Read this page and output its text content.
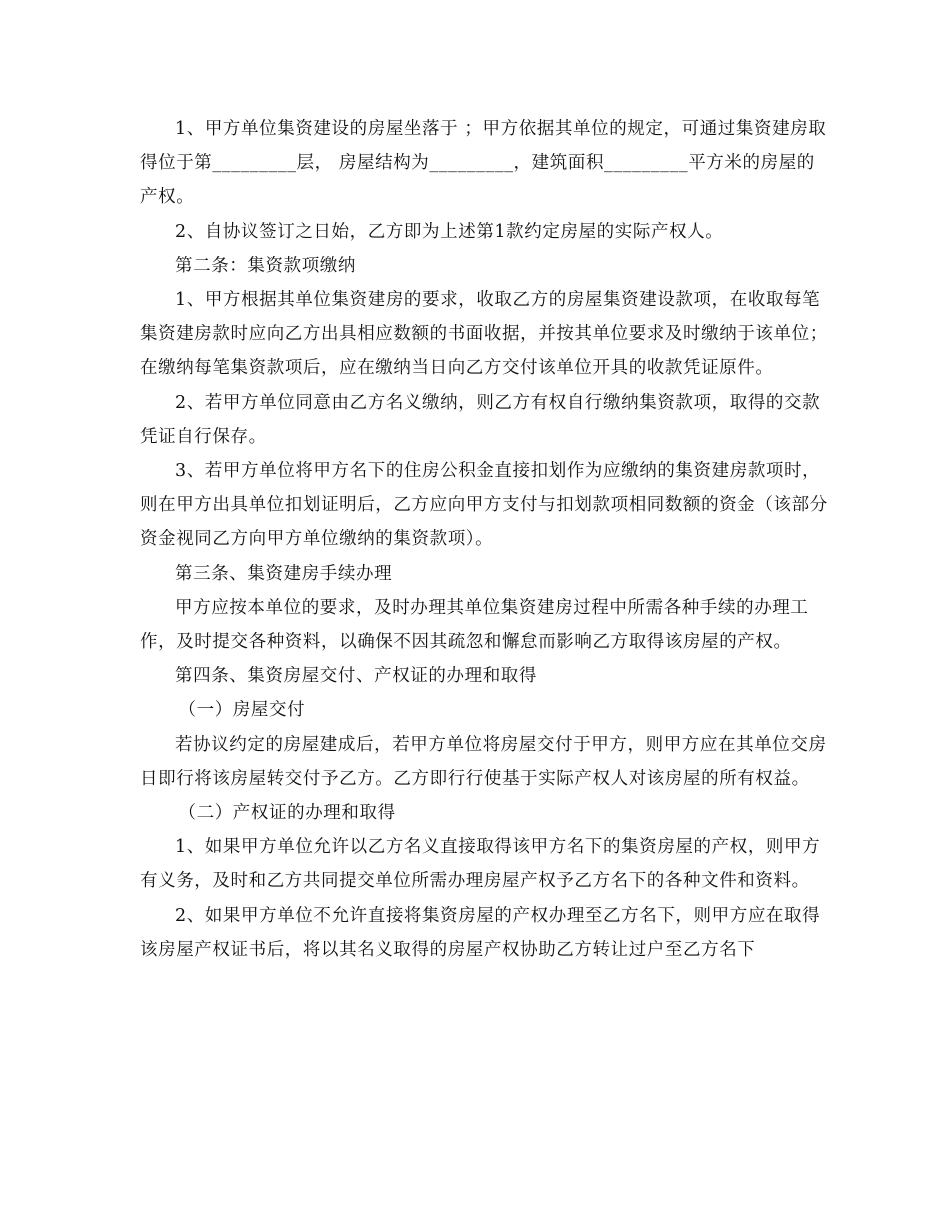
1、甲方单位集资建设的房屋坐落于 ；甲方依据其单位的规定，可通过集资建房取得位于第_________层， 房屋结构为_________，建筑面积_________平方米的房屋的产权。

2、自协议签订之日始，乙方即为上述第1款约定房屋的实际产权人。

第二条：集资款项缴纳

1、甲方根据其单位集资建房的要求，收取乙方的房屋集资建设款项，在收取每笔集资建房款时应向乙方出具相应数额的书面收据，并按其单位要求及时缴纳于该单位；在缴纳每笔集资款项后，应在缴纳当日向乙方交付该单位开具的收款凭证原件。

2、若甲方单位同意由乙方名义缴纳，则乙方有权自行缴纳集资款项，取得的交款凭证自行保存。

3、若甲方单位将甲方名下的住房公积金直接扣划作为应缴纳的集资建房款项时，则在甲方出具单位扣划证明后，乙方应向甲方支付与扣划款项相同数额的资金（该部分资金视同乙方向甲方单位缴纳的集资款项）。

第三条、集资建房手续办理

甲方应按本单位的要求，及时办理其单位集资建房过程中所需各种手续的办理工作，及时提交各种资料，以确保不因其疏忽和懈怠而影响乙方取得该房屋的产权。

第四条、集资房屋交付、产权证的办理和取得

（一）房屋交付

若协议约定的房屋建成后，若甲方单位将房屋交付于甲方，则甲方应在其单位交房日即行将该房屋转交付予乙方。乙方即行行使基于实际产权人对该房屋的所有权益。

（二）产权证的办理和取得

1、如果甲方单位允许以乙方名义直接取得该甲方名下的集资房屋的产权，则甲方有义务，及时和乙方共同提交单位所需办理房屋产权予乙方名下的各种文件和资料。

2、如果甲方单位不允许直接将集资房屋的产权办理至乙方名下，则甲方应在取得该房屋产权证书后，将以其名义取得的房屋产权协助乙方转让过户至乙方名下
